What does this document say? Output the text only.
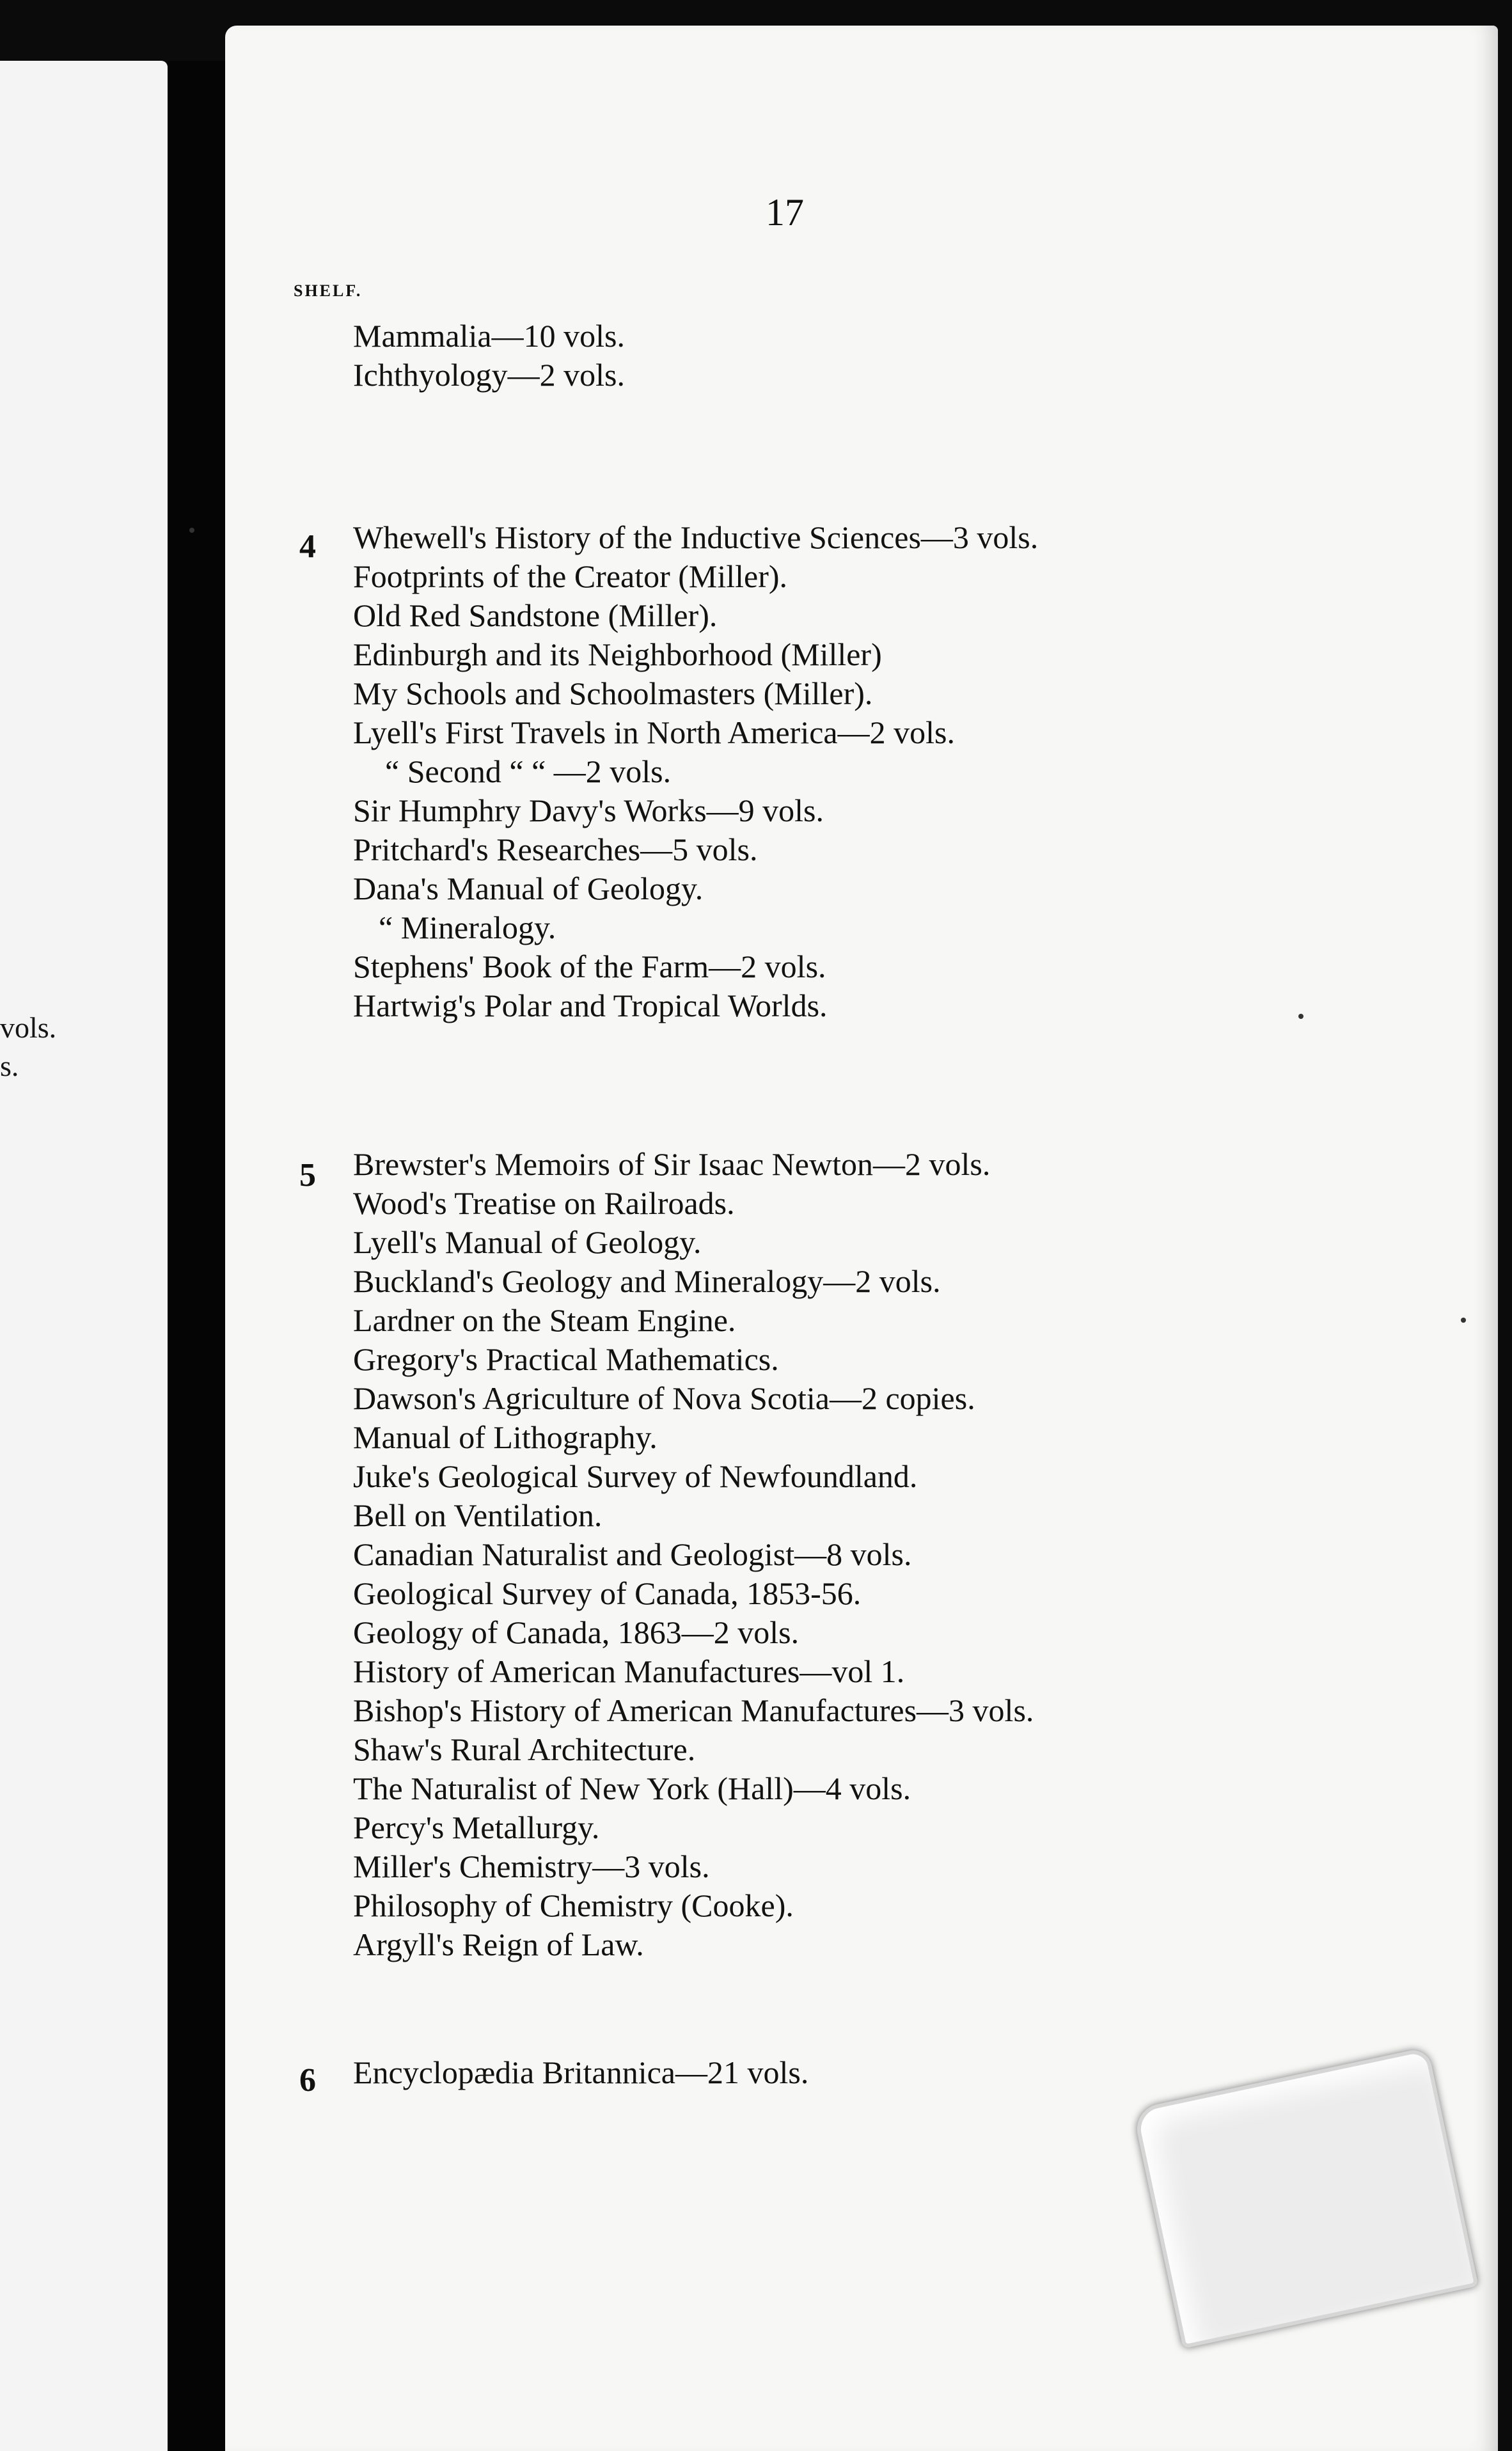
vols.
s.
17
SHELF.
Mammalia—10 vols.
Ichthyology—2 vols.
4 Whewell's History of the Inductive Sciences—3 vols.
Footprints of the Creator (Miller).
Old Red Sandstone (Miller).
Edinburgh and its Neighborhood (Miller)
My Schools and Schoolmasters (Miller).
Lyell's First Travels in North America—2 vols.
“ Second “ “ —2 vols.
Sir Humphry Davy's Works—9 vols.
Pritchard's Researches—5 vols.
Dana's Manual of Geology.
“ Mineralogy.
Stephens' Book of the Farm—2 vols.
Hartwig's Polar and Tropical Worlds.
5 Brewster's Memoirs of Sir Isaac Newton—2 vols.
Wood's Treatise on Railroads.
Lyell's Manual of Geology.
Buckland's Geology and Mineralogy—2 vols.
Lardner on the Steam Engine.
Gregory's Practical Mathematics.
Dawson's Agriculture of Nova Scotia—2 copies.
Manual of Lithography.
Juke's Geological Survey of Newfoundland.
Bell on Ventilation.
Canadian Naturalist and Geologist—8 vols.
Geological Survey of Canada, 1853-56.
Geology of Canada, 1863—2 vols.
History of American Manufactures—vol 1.
Bishop's History of American Manufactures—3 vols.
Shaw's Rural Architecture.
The Naturalist of New York (Hall)—4 vols.
Percy's Metallurgy.
Miller's Chemistry—3 vols.
Philosophy of Chemistry (Cooke).
Argyll's Reign of Law.
6 Encyclopædia Britannica—21 vols.
